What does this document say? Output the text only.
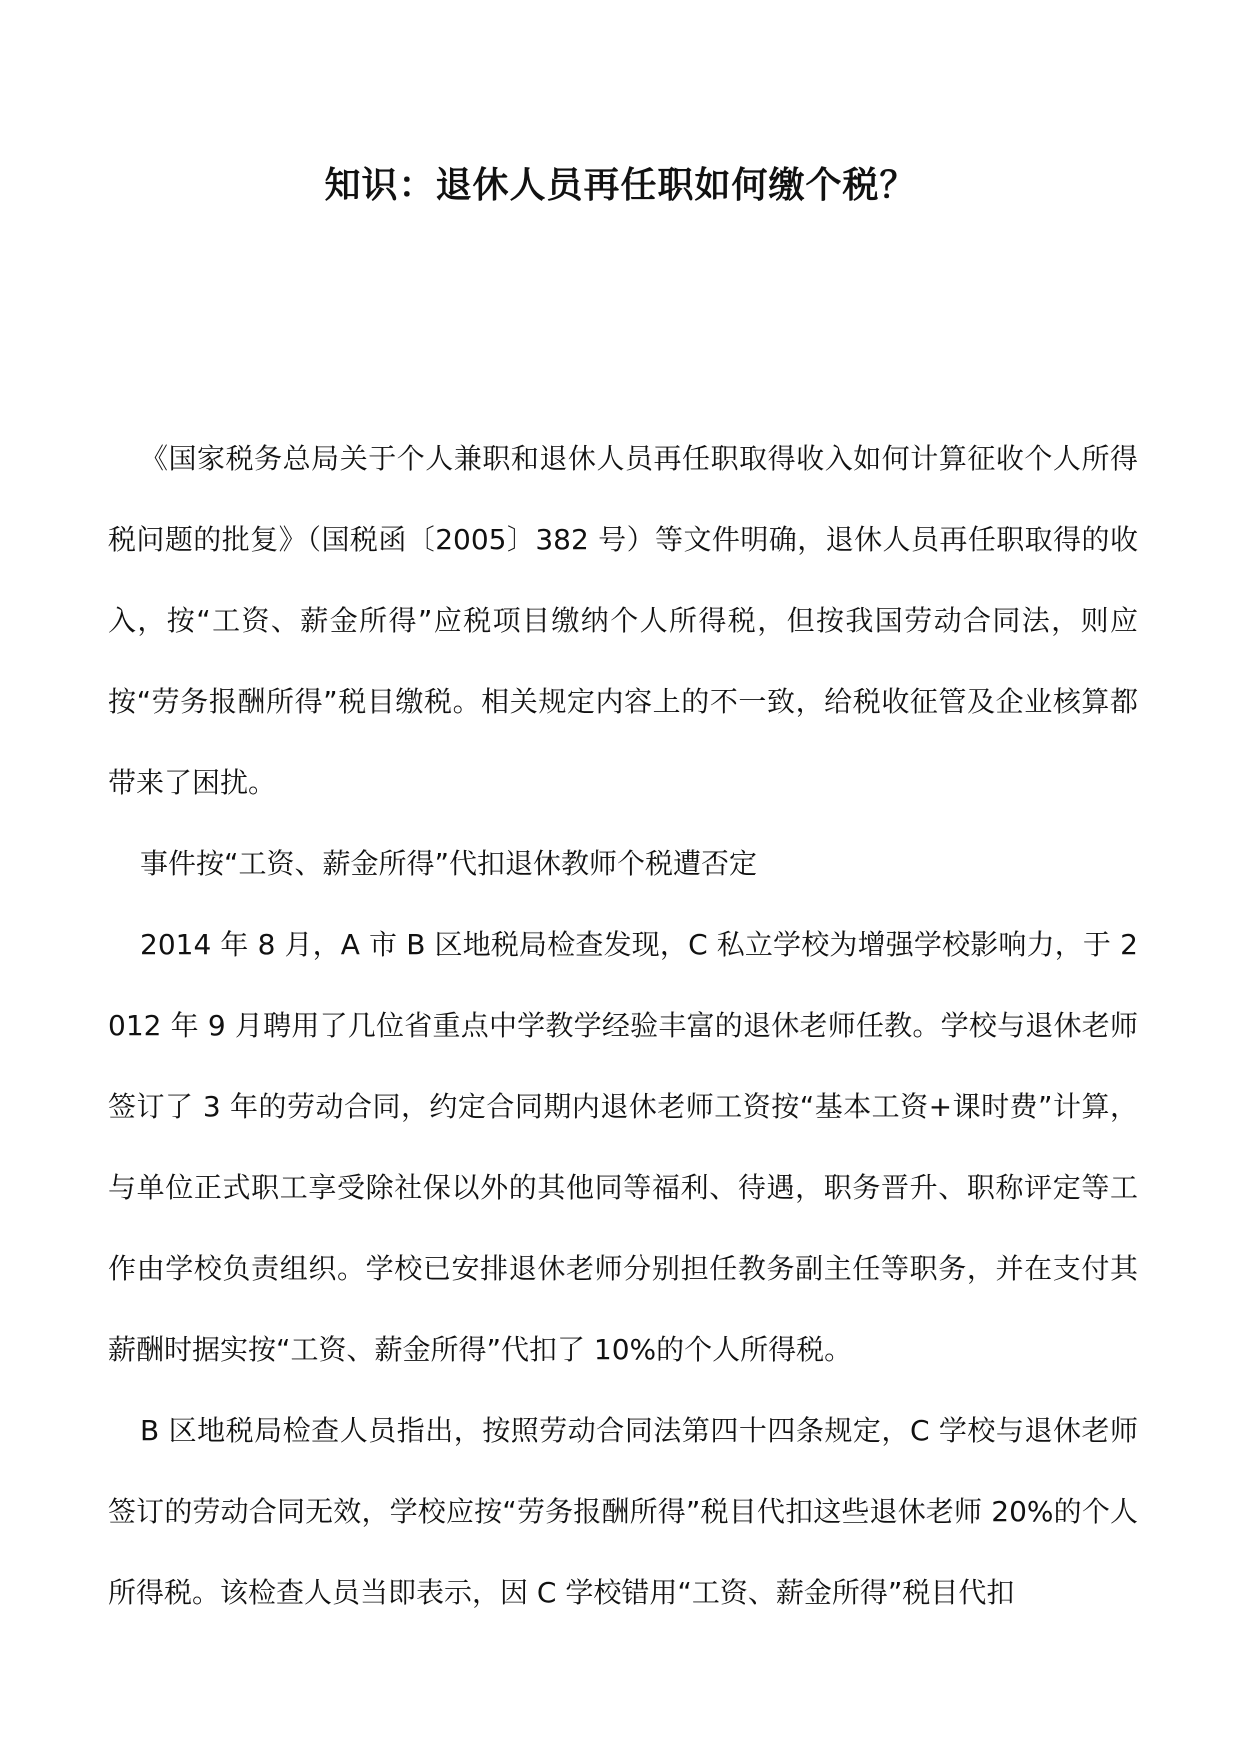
知识：退休人员再任职如何缴个税？

《国家税务总局关于个人兼职和退休人员再任职取得收入如何计算征收个人所得税问题的批复》（国税函〔2005〕382 号）等文件明确，退休人员再任职取得的收入，按“工资、薪金所得”应税项目缴纳个人所得税，但按我国劳动合同法，则应按“劳务报酬所得”税目缴税。相关规定内容上的不一致，给税收征管及企业核算都带来了困扰。

事件按“工资、薪金所得”代扣退休教师个税遭否定

2014 年 8 月，A 市 B 区地税局检查发现，C 私立学校为增强学校影响力，于 2012 年 9 月聘用了几位省重点中学教学经验丰富的退休老师任教。学校与退休老师签订了 3 年的劳动合同，约定合同期内退休老师工资按“基本工资+课时费”计算，与单位正式职工享受除社保以外的其他同等福利、待遇，职务晋升、职称评定等工作由学校负责组织。学校已安排退休老师分别担任教务副主任等职务，并在支付其薪酬时据实按“工资、薪金所得”代扣了 10%的个人所得税。

B 区地税局检查人员指出，按照劳动合同法第四十四条规定，C 学校与退休老师签订的劳动合同无效，学校应按“劳务报酬所得”税目代扣这些退休老师 20%的个人所得税。该检查人员当即表示，因 C 学校错用“工资、薪金所得”税目代扣
